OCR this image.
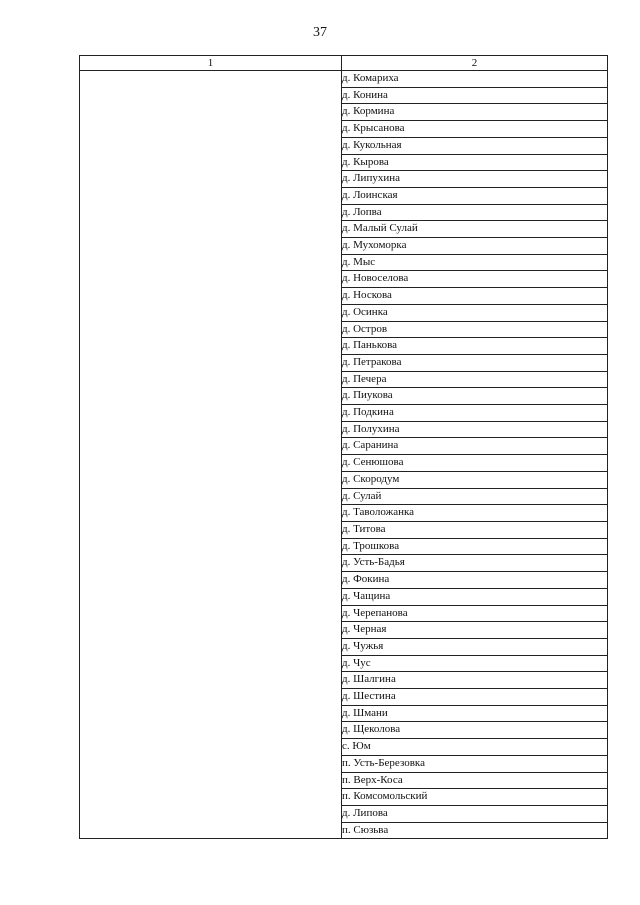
37
1	2
	д. Комариха
	д. Конина
	д. Кормина
	д. Крысанова
	д. Кукольная
	д. Кырова
	д. Липухина
	д. Лоинская
	д. Лопва
	д. Малый Сулай
	д. Мухоморка
	д. Мыс
	д. Новоселова
	д. Носкова
	д. Осинка
	д. Остров
	д. Панькова
	д. Петракова
	д. Печера
	д. Пиукова
	д. Подкина
	д. Полухина
	д. Саранина
	д. Сенюшова
	д. Скородум
	д. Сулай
	д. Таволожанка
	д. Титова
	д. Трошкова
	д. Усть-Бадья
	д. Фокина
	д. Чащина
	д. Черепанова
	д. Черная
	д. Чужья
	д. Чус
	д. Шалгина
	д. Шестина
	д. Шмани
	д. Щеколова
	с. Юм
	п. Усть-Березовка
	п. Верх-Коса
	п. Комсомольский
	д. Липова
	п. Сюзьва
